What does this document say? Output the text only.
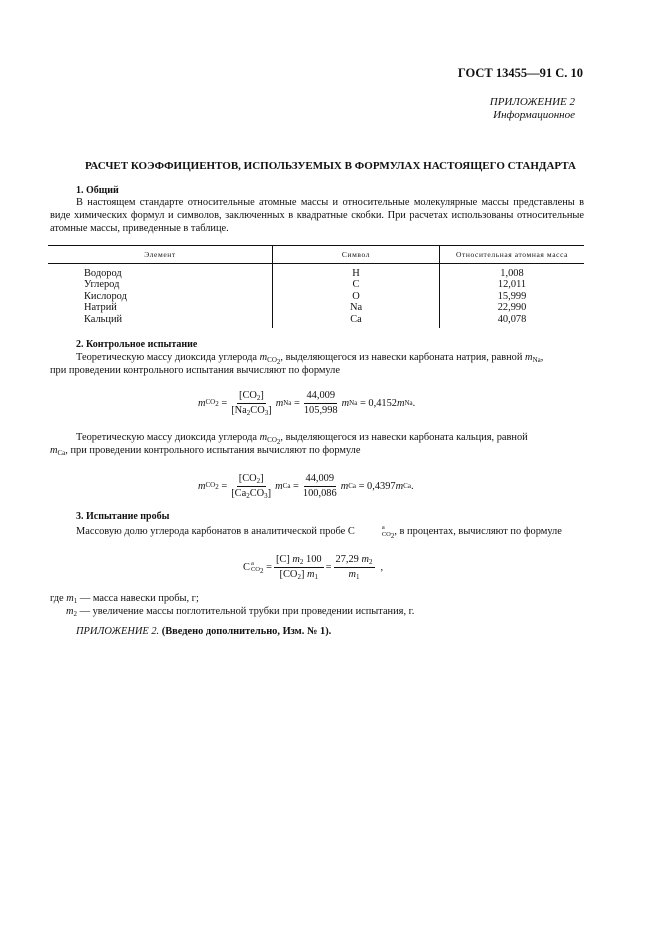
ГОСТ 13455—91 С. 10
ПРИЛОЖЕНИЕ 2
Информационное
РАСЧЕТ КОЭФФИЦИЕНТОВ, ИСПОЛЬЗУЕМЫХ В ФОРМУЛАХ НАСТОЯЩЕГО СТАНДАРТА
1. Общий

В настоящем стандарте относительные атомные массы и относительные молекулярные массы представлены в виде химических формул и символов, заключенных в квадратные скобки. При расчетах использованы относительные атомные массы, приведенные в таблице.

Элемент	Символ	Относительная атомная масса
Водород	H	1,008
Углерод	C	12,011
Кислород	O	15,999
Натрий	Na	22,990
Кальций	Ca	40,078
2. Контрольное испытание

Теоретическую массу диоксида углерода $m_{CO_2}$, выделяющегося из навески карбоната натрия, равной $m_{Na}$,

при проведении контрольного испытания вычисляют по формуле

m $CO_2 = \frac{[CO_2]}{[Na_2CO_3]}$ m $Na = \frac{44,009}{105,998}$ m Na
= 0,4152 m Na .

Теоретическую массу диоксида углерода $m_{CO_2}$, выделяющегося из навески карбоната кальция, равной

$m_{Ca}$, при проведении контрольного испытания вычисляют по формуле

m $CO_2 = \frac{[CO_2]}{[Ca_2CO_3]}$ m $Ca = \frac{44,009}{100,086}$ m Ca
= 0,4397 m Ca .
3. Испытание пробы

Массовую долю углерода карбонатов в аналитической пробе C	a
$CO_2$ , в процентах, вычисляют по формуле

C a
$CO_2 = \frac{[C] m_2 100}{[CO_2] m_1} = \frac{27,29 m_2}{m_1}$ ,
где $m_1$ — масса навески пробы, г;
$m_2$ — увеличение массы поглотительной трубки при проведении испытания, г.
ПРИЛОЖЕНИЕ 2. (Введено дополнительно, Изм. № 1).
